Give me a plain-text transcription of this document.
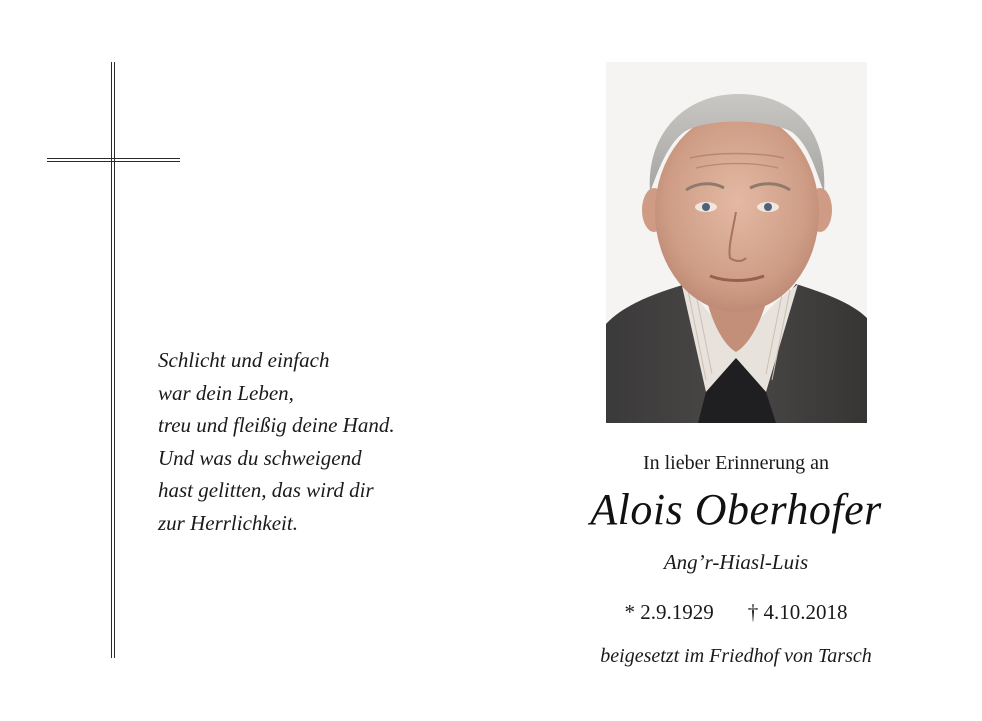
Schlicht und einfach
war dein Leben,
treu und fleißig deine Hand.
Und was du schweigend
hast gelitten, das wird dir
zur Herrlichkeit.
In lieber Erinnerung an
Alois Oberhofer
Ang’r-Hiasl-Luis
* 2.9.1929 † 4.10.2018
beigesetzt im Friedhof von Tarsch
